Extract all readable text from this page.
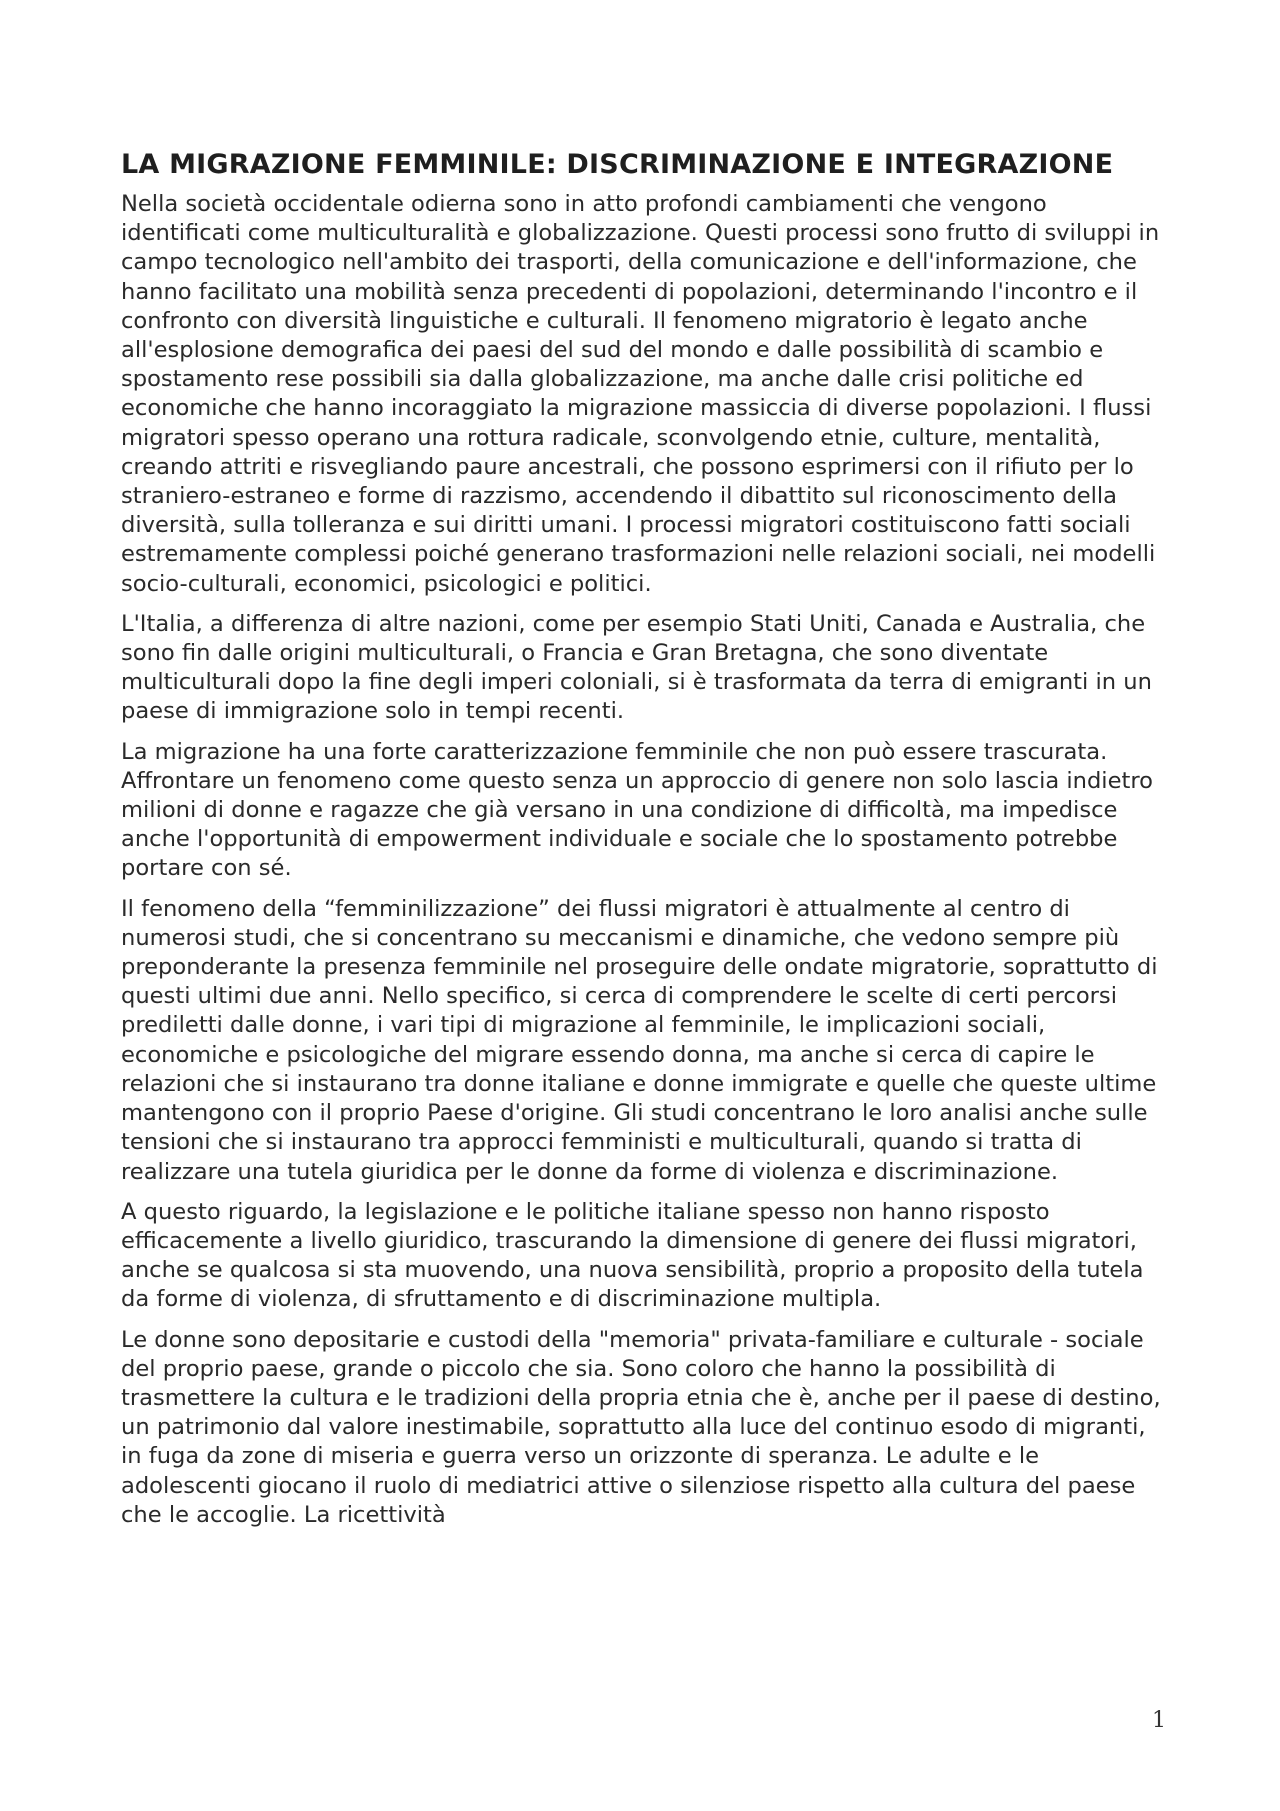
LA MIGRAZIONE FEMMINILE: DISCRIMINAZIONE E INTEGRAZIONE

Nella società occidentale odierna sono in atto profondi cambiamenti che vengono identificati come multiculturalità e globalizzazione. Questi processi sono frutto di sviluppi in campo tecnologico nell'ambito dei trasporti, della comunicazione e dell'informazione, che hanno facilitato una mobilità senza precedenti di popolazioni, determinando l'incontro e il confronto con diversità linguistiche e culturali. Il fenomeno migratorio è legato anche all'esplosione demografica dei paesi del sud del mondo e dalle possibilità di scambio e spostamento rese possibili sia dalla globalizzazione, ma anche dalle crisi politiche ed economiche che hanno incoraggiato la migrazione massiccia di diverse popolazioni. I flussi migratori spesso operano una rottura radicale, sconvolgendo etnie, culture, mentalità, creando attriti e risvegliando paure ancestrali, che possono esprimersi con il rifiuto per lo straniero-estraneo e forme di razzismo, accendendo il dibattito sul riconoscimento della diversità, sulla tolleranza e sui diritti umani. I processi migratori costituiscono fatti sociali estremamente complessi poiché generano trasformazioni nelle relazioni sociali, nei modelli socio-culturali, economici, psicologici e politici.

L'Italia, a differenza di altre nazioni, come per esempio Stati Uniti, Canada e Australia, che sono fin dalle origini multiculturali, o Francia e Gran Bretagna, che sono diventate multiculturali dopo la fine degli imperi coloniali, si è trasformata da terra di emigranti in un paese di immigrazione solo in tempi recenti.

La migrazione ha una forte caratterizzazione femminile che non può essere trascurata. Affrontare un fenomeno come questo senza un approccio di genere non solo lascia indietro milioni di donne e ragazze che già versano in una condizione di difficoltà, ma impedisce anche l'opportunità di empowerment individuale e sociale che lo spostamento potrebbe portare con sé.

Il fenomeno della “femminilizzazione” dei flussi migratori è attualmente al centro di numerosi studi, che si concentrano su meccanismi e dinamiche, che vedono sempre più preponderante la presenza femminile nel proseguire delle ondate migratorie, soprattutto di questi ultimi due anni. Nello specifico, si cerca di comprendere le scelte di certi percorsi prediletti dalle donne, i vari tipi di migrazione al femminile, le implicazioni sociali, economiche e psicologiche del migrare essendo donna, ma anche si cerca di capire le relazioni che si instaurano tra donne italiane e donne immigrate e quelle che queste ultime mantengono con il proprio Paese d'origine. Gli studi concentrano le loro analisi anche sulle tensioni che si instaurano tra approcci femministi e multiculturali, quando si tratta di realizzare una tutela giuridica per le donne da forme di violenza e discriminazione.

A questo riguardo, la legislazione e le politiche italiane spesso non hanno risposto efficacemente a livello giuridico, trascurando la dimensione di genere dei flussi migratori, anche se qualcosa si sta muovendo, una nuova sensibilità, proprio a proposito della tutela da forme di violenza, di sfruttamento e di discriminazione multipla.

Le donne sono depositarie e custodi della "memoria" privata-familiare e culturale - sociale del proprio paese, grande o piccolo che sia. Sono coloro che hanno la possibilità di trasmettere la cultura e le tradizioni della propria etnia che è, anche per il paese di destino, un patrimonio dal valore inestimabile, soprattutto alla luce del continuo esodo di migranti, in fuga da zone di miseria e guerra verso un orizzonte di speranza. Le adulte e le adolescenti giocano il ruolo di mediatrici attive o silenziose rispetto alla cultura del paese che le accoglie. La ricettività

1
